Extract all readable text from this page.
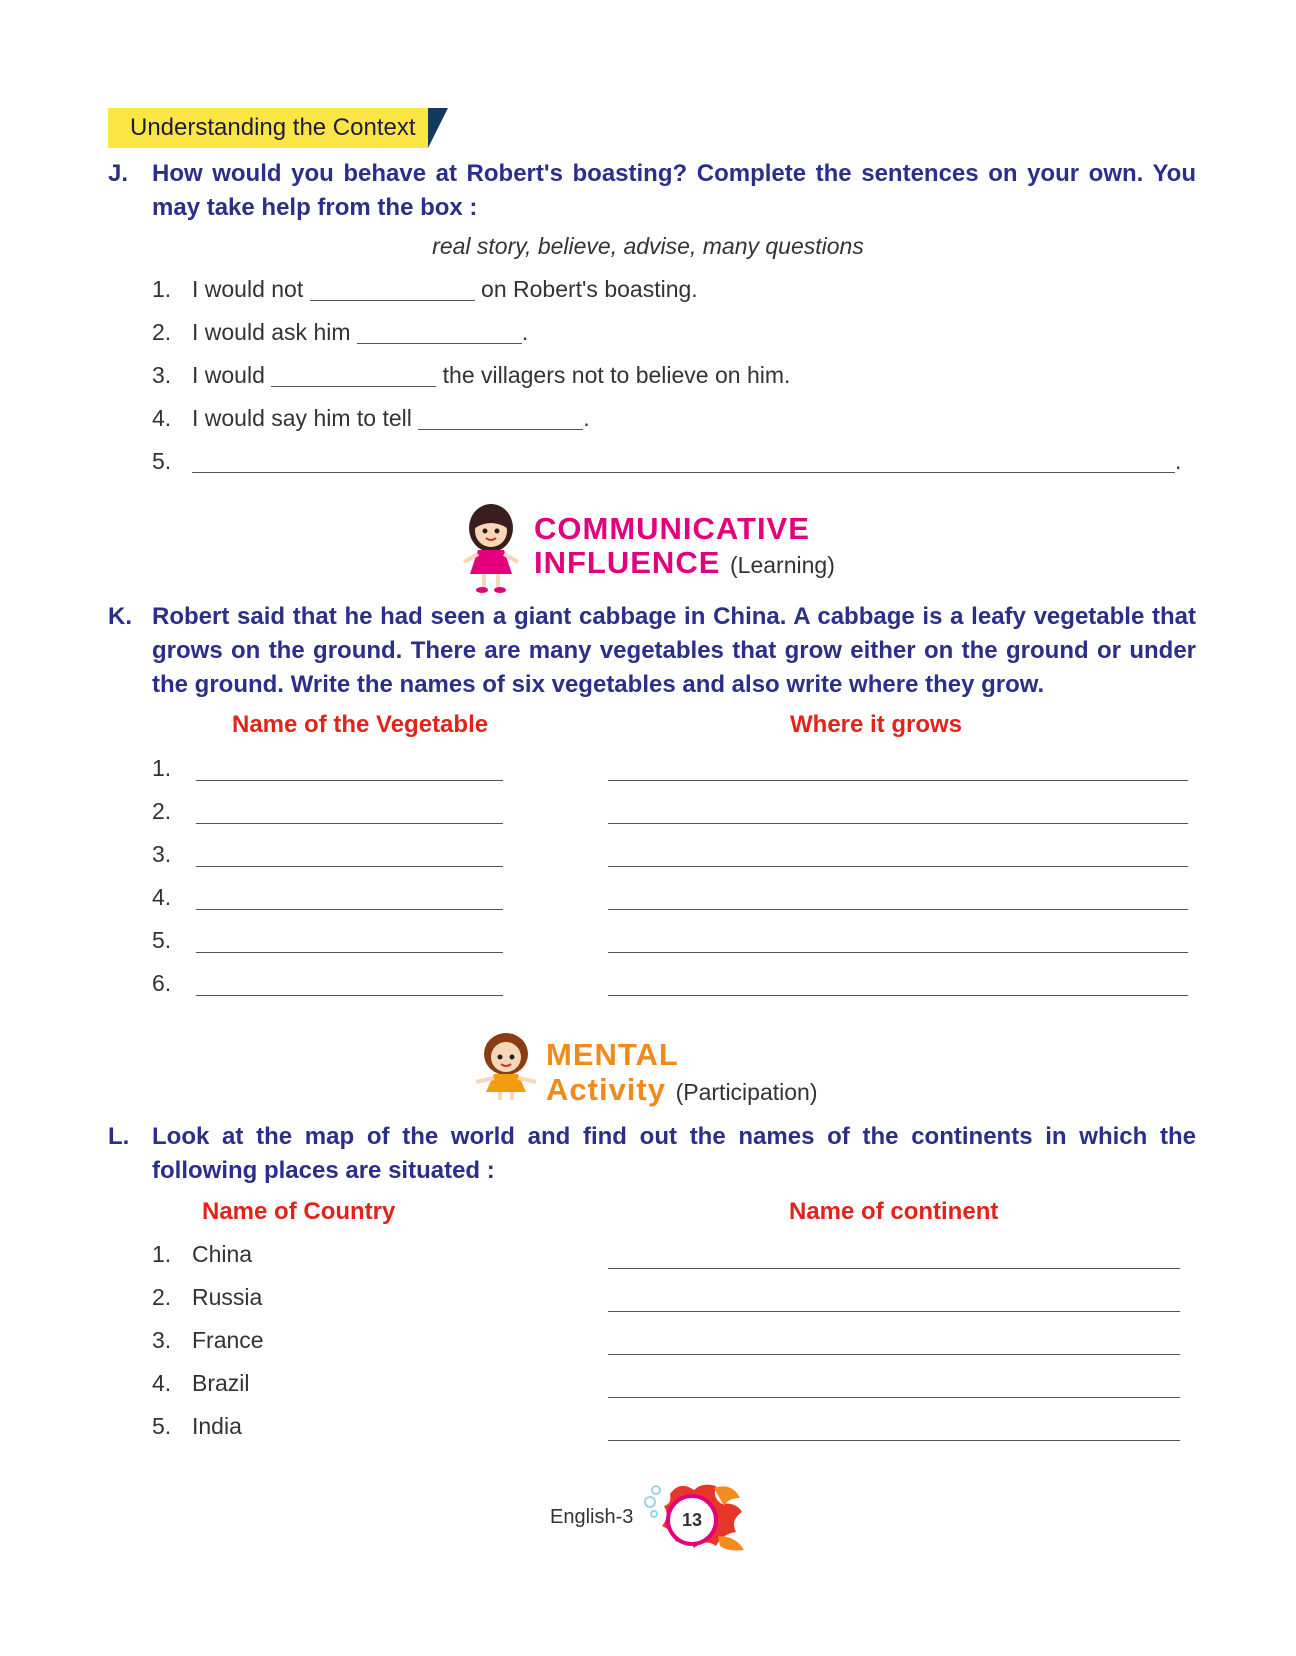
Understanding the Context
J. How would you behave at Robert's boasting? Complete the sentences on your own. You may take help from the box :
real story, believe, advise, many questions
1. I would not	on Robert's boasting.
2. I would ask him	.
3. I would	the villagers not to believe on him.
4. I would say him to tell	.
5.	.
COMMUNICATIVE
INFLUENCE (Learning)
K. Robert said that he had seen a giant cabbage in China. A cabbage is a leafy vegetable that grows on the ground. There are many vegetables that grow either on the ground or under the ground. Write the names of six vegetables and also write where they grow.
Name of the Vegetable	Where it grows
1.
2.
3.
4.
5.
6.
MENTAL
Activity (Participation)
L. Look at the map of the world and find out the names of the continents in which the following places are situated :
Name of Country	Name of continent
1. China
2. Russia
3. France
4. Brazil
5. India
English-3	13
